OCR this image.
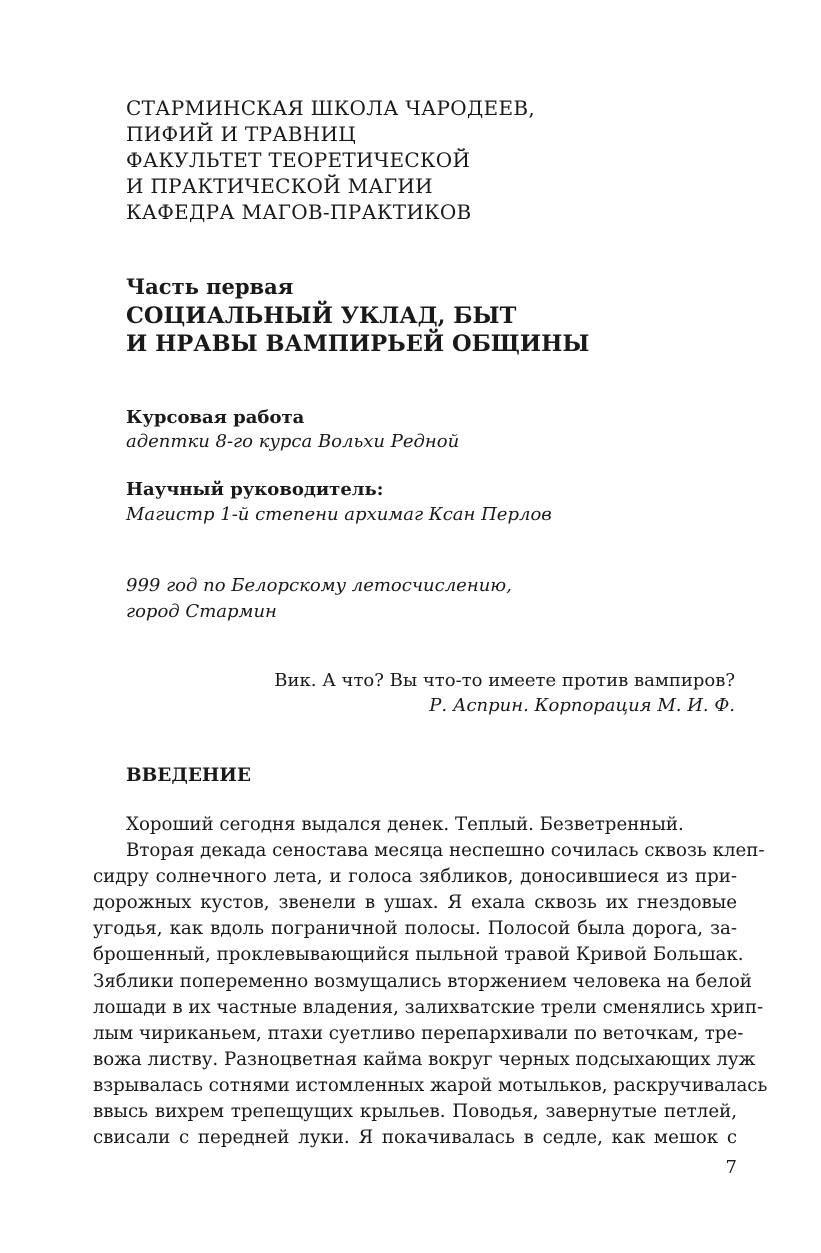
СТАРМИНСКАЯ ШКОЛА ЧАРОДЕЕВ,
ПИФИЙ И ТРАВНИЦ
ФАКУЛЬТЕТ ТЕОРЕТИЧЕСКОЙ
И ПРАКТИЧЕСКОЙ МАГИИ
КАФЕДРА МАГОВ-ПРАКТИКОВ
Часть первая
СОЦИАЛЬНЫЙ УКЛАД, БЫТ
И НРАВЫ ВАМПИРЬЕЙ ОБЩИНЫ
Курсовая работа
адептки 8-го курса Вольхи Редной
Научный руководитель:
Магистр 1-й степени архимаг Ксан Перлов
999 год по Белорскому летосчислению,
город Стармин
Вик. А что? Вы что-то имеете против вампиров?
Р. Асприн. Корпорация М. И. Ф.
ВВЕДЕНИЕ
Хороший сегодня выдался денек. Теплый. Безветренный.
Вторая декада сеностава месяца неспешно сочилась сквозь клеп-
сидру солнечного лета, и голоса зябликов, доносившиеся из при-
дорожных кустов, звенели в ушах. Я ехала сквозь их гнездовые
угодья, как вдоль пограничной полосы. Полосой была дорога, за-
брошенный, проклевывающийся пыльной травой Кривой Большак.
Зяблики попеременно возмущались вторжением человека на белой
лошади в их частные владения, залихватские трели сменялись хрип-
лым чириканьем, птахи суетливо перепархивали по веточкам, тре-
вожа листву. Разноцветная кайма вокруг черных подсыхающих луж
взрывалась сотнями истомленных жарой мотыльков, раскручивалась
ввысь вихрем трепещущих крыльев. Поводья, завернутые петлей,
свисали с передней луки. Я покачивалась в седле, как мешок с
7
